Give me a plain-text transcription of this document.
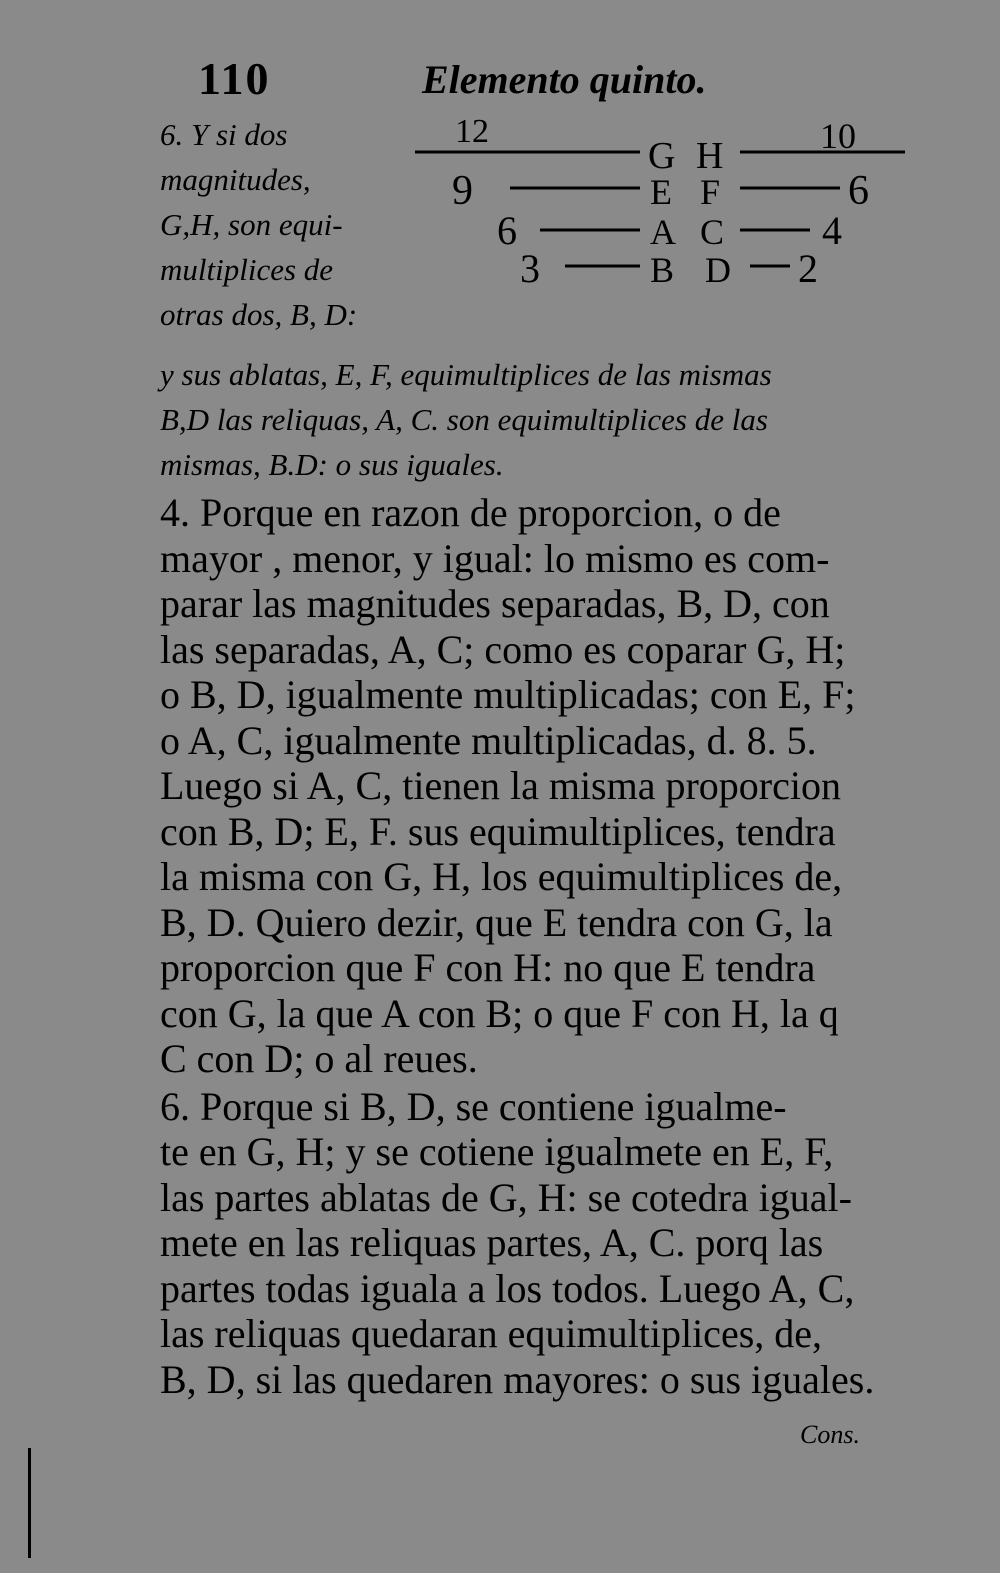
110	Elemento quinto.
6. Y si dos
magnitudes,
G,H, son equi-
multiplices de
otras dos, B, D:
12
G H	10
9	E F	6
6	A C 4
3	B D 2
y sus ablatas, E, F, equimultiplices de las mismas
B,D las reliquas, A, C. son equimultiplices de las
mismas, B.D: o sus iguales.
4. Porque en razon de proporcion, o de
mayor , menor, y igual: lo mismo es com-
parar las magnitudes separadas, B, D, con
las separadas, A, C; como es coparar G, H;
o B, D, igualmente multiplicadas; con E, F;
o A, C, igualmente multiplicadas, d. 8. 5.
Luego si A, C, tienen la misma proporcion
con B, D; E, F. sus equimultiplices, tendra
la misma con G, H, los equimultiplices de,
B, D. Quiero dezir, que E tendra con G, la
proporcion que F con H: no que E tendra
con G, la que A con B; o que F con H, la q
C con D; o al reues.
6. Porque si B, D, se contiene igualme-
te en G, H; y se cotiene igualmete en E, F,
las partes ablatas de G, H: se cotedra igual-
mete en las reliquas partes, A, C. porq las
partes todas iguala a los todos. Luego A, C,
las reliquas quedaran equimultiplices, de,
B, D, si las quedaren mayores: o sus iguales.
Cons.
